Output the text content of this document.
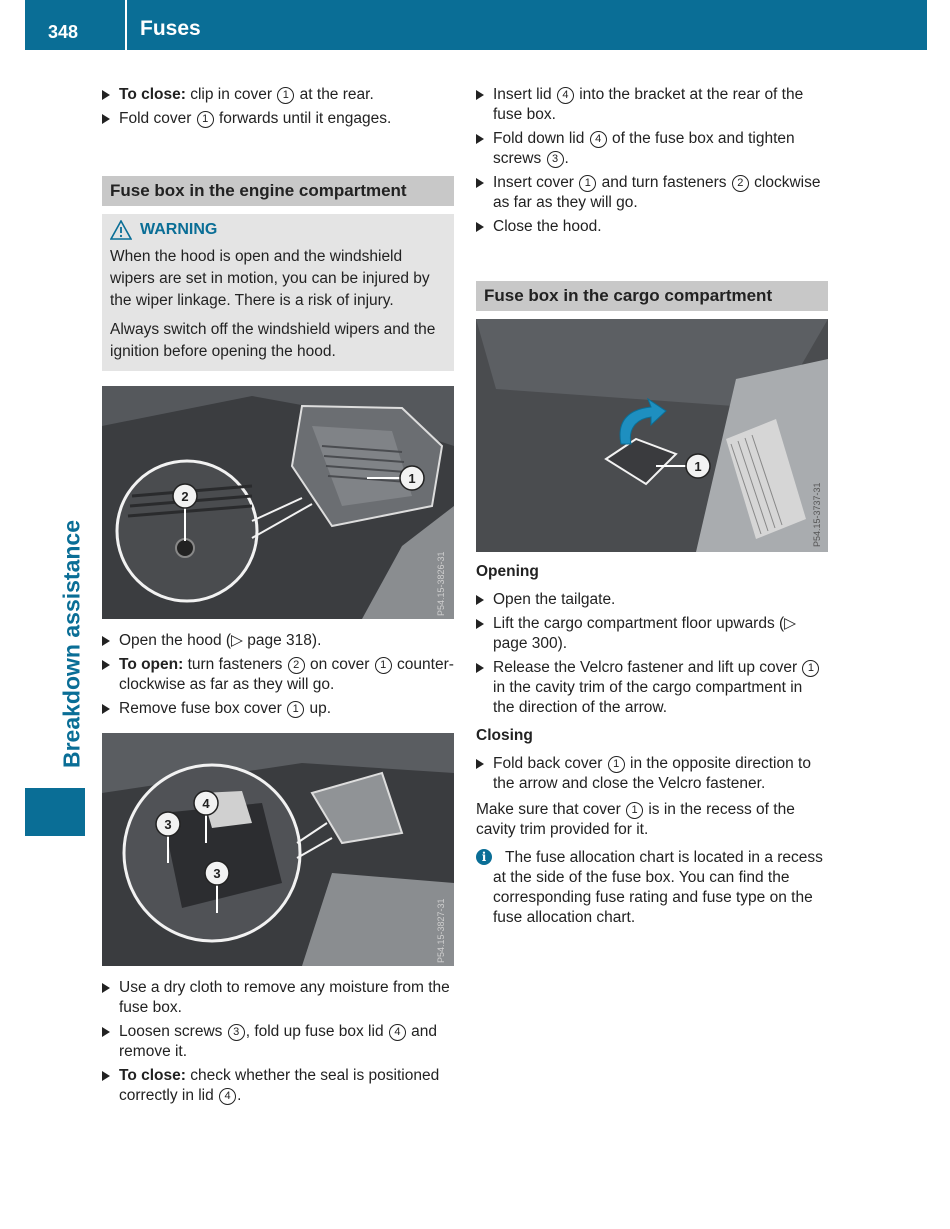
348	Fuses
Breakdown assistance
To close: clip in cover 1 at the rear.
Fold cover 1 forwards until it engages.
Fuse box in the engine compartment
WARNING

When the hood is open and the windshield wipers are set in motion, you can be injured by the wiper linkage. There is a risk of injury.

Always switch off the windshield wipers and the ignition before opening the hood.

2
1
P54.15-3826-31
Open the hood (▷ page 318).
To open: turn fasteners 2 on cover 1 counter-clockwise as far as they will go.
Remove fuse box cover 1 up.
3
4
3
P54.15-3827-31
Use a dry cloth to remove any moisture from the fuse box.
Loosen screws 3 , fold up fuse box lid 4 and remove it.
To close: check whether the seal is positioned correctly in lid 4 .
Insert lid 4 into the bracket at the rear of the fuse box.
Fold down lid 4 of the fuse box and tighten screws 3 .
Insert cover 1 and turn fasteners 2 clockwise as far as they will go.
Close the hood.
Fuse box in the cargo compartment
1
P54.15-3737-31
Opening
Open the tailgate.
Lift the cargo compartment floor upwards (▷ page 300).
Release the Velcro fastener and lift up cover 1 in the cavity trim of the cargo compartment in the direction of the arrow.
Closing
Fold back cover 1 in the opposite direction to the arrow and close the Velcro fastener.
Make sure that cover 1 is in the recess of the cavity trim provided for it.
i	The fuse allocation chart is located in a recess at the side of the fuse box. You can find the corresponding fuse rating and fuse type on the fuse allocation chart.
